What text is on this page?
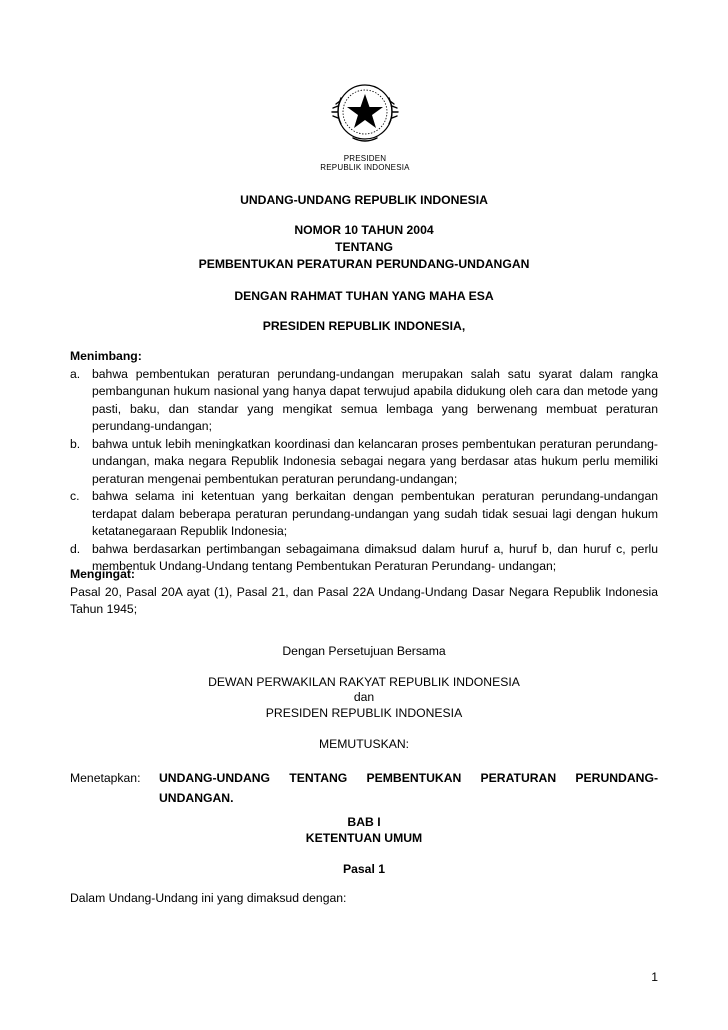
PRESIDEN
REPUBLIK INDONESIA
UNDANG-UNDANG REPUBLIK INDONESIA
NOMOR 10 TAHUN 2004
TENTANG
PEMBENTUKAN PERATURAN PERUNDANG-UNDANGAN
DENGAN RAHMAT TUHAN YANG MAHA ESA
PRESIDEN REPUBLIK INDONESIA,
Menimbang:
a. bahwa pembentukan peraturan perundang-undangan merupakan salah satu syarat dalam rangka pembangunan hukum nasional yang hanya dapat terwujud apabila didukung oleh cara dan metode yang pasti, baku, dan standar yang mengikat semua lembaga yang berwenang membuat peraturan perundang-undangan;
b. bahwa untuk lebih meningkatkan koordinasi dan kelancaran proses pembentukan peraturan perundang-undangan, maka negara Republik Indonesia sebagai negara yang berdasar atas hukum perlu memiliki peraturan mengenai pembentukan peraturan perundang-undangan;
c. bahwa selama ini ketentuan yang berkaitan dengan pembentukan peraturan perundang-undangan terdapat dalam beberapa peraturan perundang-undangan yang sudah tidak sesuai lagi dengan hukum ketatanegaraan Republik Indonesia;
d. bahwa berdasarkan pertimbangan sebagaimana dimaksud dalam huruf a, huruf b, dan huruf c, perlu membentuk Undang-Undang tentang Pembentukan Peraturan Perundang- undangan;
Mengingat:
Pasal 20, Pasal 20A ayat (1), Pasal 21, dan Pasal 22A Undang-Undang Dasar Negara Republik Indonesia Tahun 1945;
Dengan Persetujuan Bersama
DEWAN PERWAKILAN RAKYAT REPUBLIK INDONESIA
dan
PRESIDEN REPUBLIK INDONESIA
MEMUTUSKAN:
Menetapkan: UNDANG-UNDANG TENTANG PEMBENTUKAN PERATURAN PERUNDANG-UNDANGAN.
BAB I
KETENTUAN UMUM
Pasal 1
Dalam Undang-Undang ini yang dimaksud dengan:
1
